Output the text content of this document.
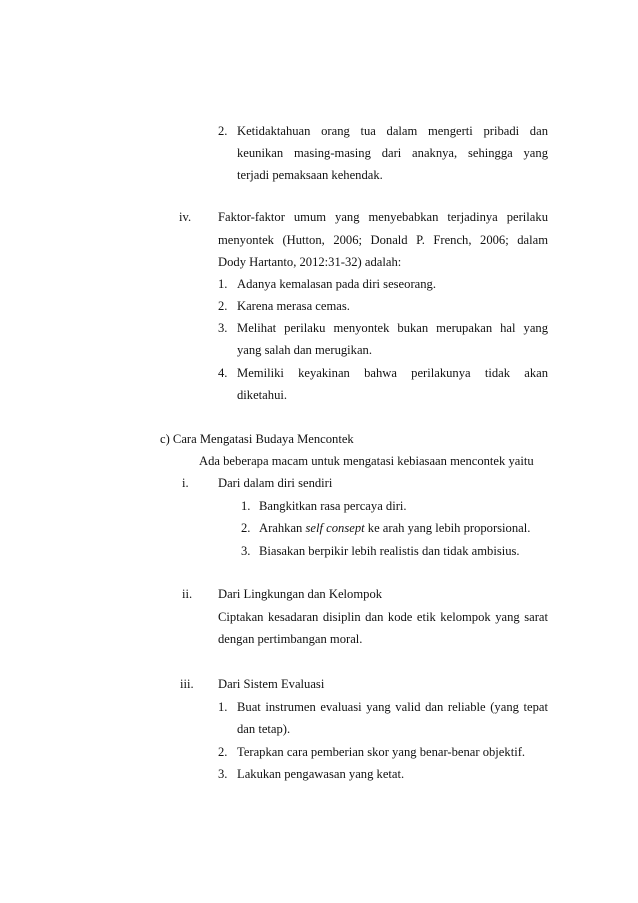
2. Ketidaktahuan orang tua dalam mengerti pribadi dan

keunikan masing-masing dari anaknya, sehingga yang

terjadi pemaksaan kehendak.

iv. Faktor-faktor umum yang menyebabkan terjadinya perilaku

menyontek (Hutton, 2006; Donald P. French, 2006; dalam

Dody Hartanto, 2012:31-32) adalah:

1. Adanya kemalasan pada diri seseorang.

2. Karena merasa cemas.

3. Melihat perilaku menyontek bukan merupakan hal yang

yang salah dan merugikan.

4. Memiliki keyakinan bahwa perilakunya tidak akan

diketahui.

c) Cara Mengatasi Budaya Mencontek

Ada beberapa macam untuk mengatasi kebiasaan mencontek yaitu

i. Dari dalam diri sendiri

1. Bangkitkan rasa percaya diri.

2. Arahkan self consept ke arah yang lebih proporsional.

3. Biasakan berpikir lebih realistis dan tidak ambisius.

ii. Dari Lingkungan dan Kelompok

Ciptakan kesadaran disiplin dan kode etik kelompok yang sarat

dengan pertimbangan moral.

iii. Dari Sistem Evaluasi

1. Buat instrumen evaluasi yang valid dan reliable (yang tepat

dan tetap).

2. Terapkan cara pemberian skor yang benar-benar objektif.

3. Lakukan pengawasan yang ketat.
